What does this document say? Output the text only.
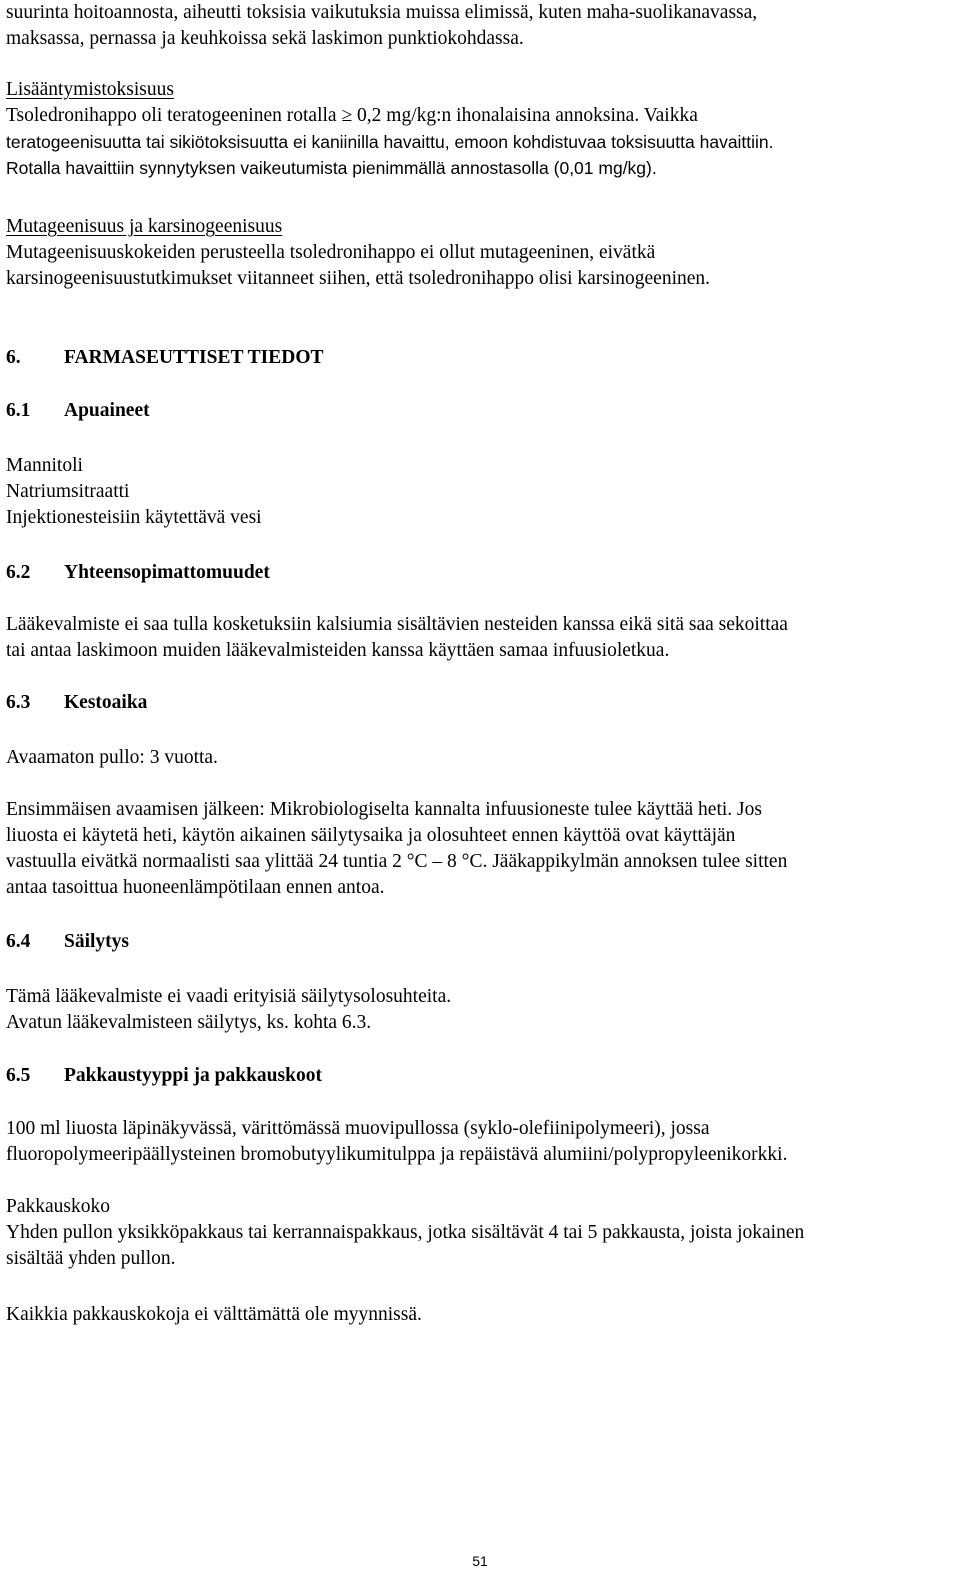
suurinta hoitoannosta, aiheutti toksisia vaikutuksia muissa elimissä, kuten maha-suolikanavassa,

maksassa, pernassa ja keuhkoissa sekä laskimon punktiokohdassa.

Lisääntymistoksisuus

Tsoledronihappo oli teratogeeninen rotalla ≥ 0,2 mg/kg:n ihonalaisina annoksina. Vaikka

teratogeenisuutta tai sikiötoksisuutta ei kaniinilla havaittu, emoon kohdistuvaa toksisuutta havaittiin.

Rotalla havaittiin synnytyksen vaikeutumista pienimmällä annostasolla (0,01 mg/kg).

Mutageenisuus ja karsinogeenisuus

Mutageenisuuskokeiden perusteella tsoledronihappo ei ollut mutageeninen, eivätkä

karsinogeenisuustutkimukset viitanneet siihen, että tsoledronihappo olisi karsinogeeninen.

6. FARMASEUTTISET TIEDOT
6.1 Apuaineet

Mannitoli

Natriumsitraatti

Injektionesteisiin käytettävä vesi

6.2 Yhteensopimattomuudet

Lääkevalmiste ei saa tulla kosketuksiin kalsiumia sisältävien nesteiden kanssa eikä sitä saa sekoittaa

tai antaa laskimoon muiden lääkevalmisteiden kanssa käyttäen samaa infuusioletkua.

6.3 Kestoaika

Avaamaton pullo: 3 vuotta.

Ensimmäisen avaamisen jälkeen: Mikrobiologiselta kannalta infuusioneste tulee käyttää heti. Jos

liuosta ei käytetä heti, käytön aikainen säilytysaika ja olosuhteet ennen käyttöä ovat käyttäjän

vastuulla eivätkä normaalisti saa ylittää 24 tuntia 2 °C – 8 °C. Jääkappikylmän annoksen tulee sitten

antaa tasoittua huoneenlämpötilaan ennen antoa.

6.4 Säilytys

Tämä lääkevalmiste ei vaadi erityisiä säilytysolosuhteita.

Avatun lääkevalmisteen säilytys, ks. kohta 6.3.

6.5 Pakkaustyyppi ja pakkauskoot

100 ml liuosta läpinäkyvässä, värittömässä muovipullossa (syklo-olefiinipolymeeri), jossa

fluoropolymeeripäällysteinen bromobutyylikumitulppa ja repäistävä alumiini/polypropyleenikorkki.

Pakkauskoko

Yhden pullon yksikköpakkaus tai kerrannaispakkaus, jotka sisältävät 4 tai 5 pakkausta, joista jokainen

sisältää yhden pullon.

Kaikkia pakkauskokoja ei välttämättä ole myynnissä.

51
